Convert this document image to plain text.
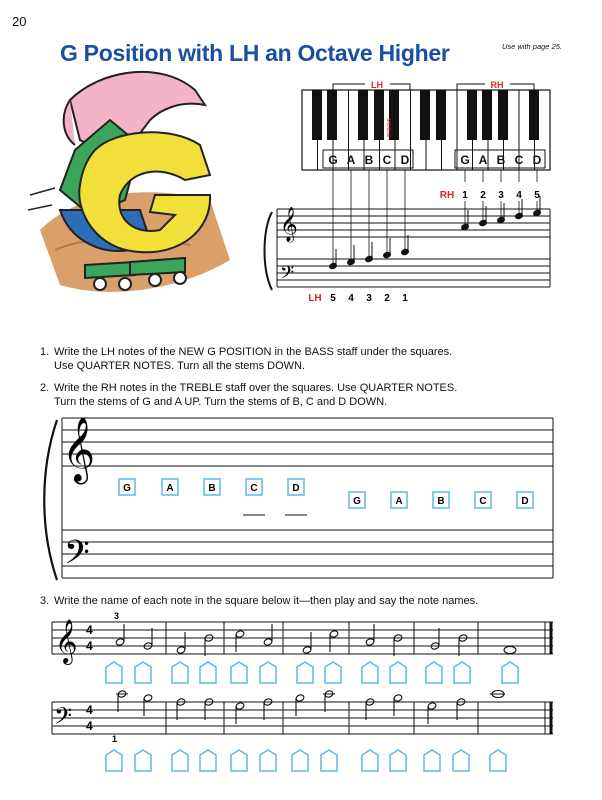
20
Use with page 25.
G Position with LH an Octave Higher
LH	RH
MIDDLE
G A B C D	G A B C D
RH 1 2 3 4 5
𝄞
𝄢
LH 5 4 3 2 1
𝄞
𝄢
G	A	B	C	D
G	A	B	C	D
𝄞 4
4
3
𝄢 4
4
1
1. Write the LH notes of the NEW G POSITION in the BASS staff under the squares.
Use QUARTER NOTES. Turn all the stems DOWN.
2. Write the RH notes in the TREBLE staff over the squares. Use QUARTER NOTES.
Turn the stems of G and A UP. Turn the stems of B, C and D DOWN.
3. Write the name of each note in the square below it—then play and say the note names.
